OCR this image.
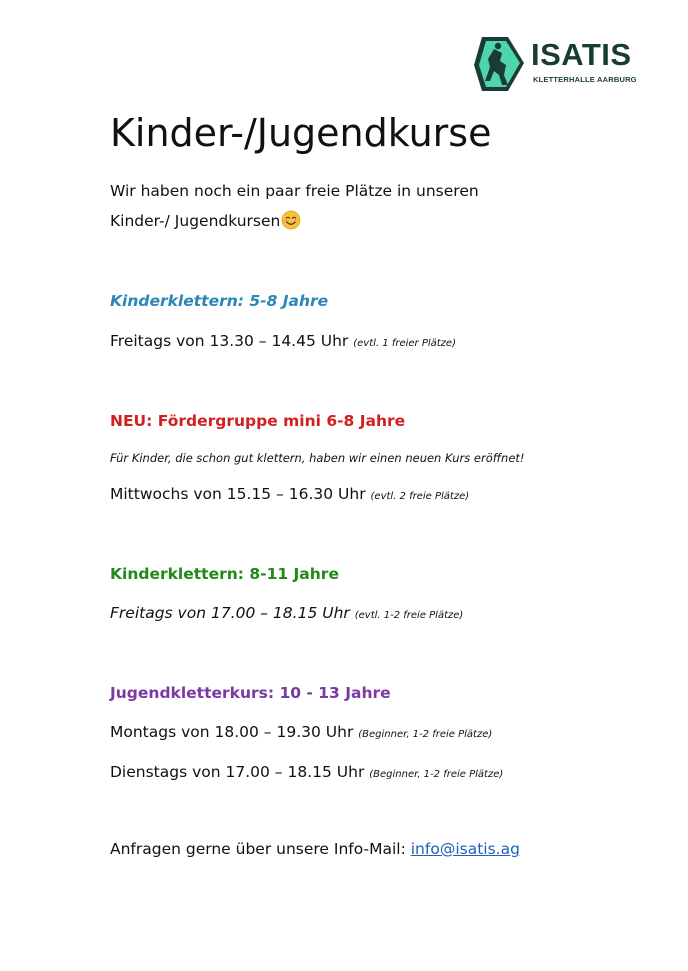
ISATIS
KLETTERHALLE AARBURG
Kinder-/Jugendkurse
Wir haben noch ein paar freie Plätze in unseren
Kinder-/ Jugendkursen
Kinderklettern: 5-8 Jahre
Freitags von 13.30 – 14.45 Uhr (evtl. 1 freier Plätze)
NEU: Fördergruppe mini 6-8 Jahre
Für Kinder, die schon gut klettern, haben wir einen neuen Kurs eröffnet!
Mittwochs von 15.15 – 16.30 Uhr (evtl. 2 freie Plätze)
Kinderklettern: 8-11 Jahre
Freitags von 17.00 – 18.15 Uhr (evtl. 1-2 freie Plätze)
Jugendkletterkurs: 10 - 13 Jahre
Montags von 18.00 – 19.30 Uhr (Beginner, 1-2 freie Plätze)
Dienstags von 17.00 – 18.15 Uhr (Beginner, 1-2 freie Plätze)
Anfragen gerne über unsere Info-Mail: info@isatis.ag
